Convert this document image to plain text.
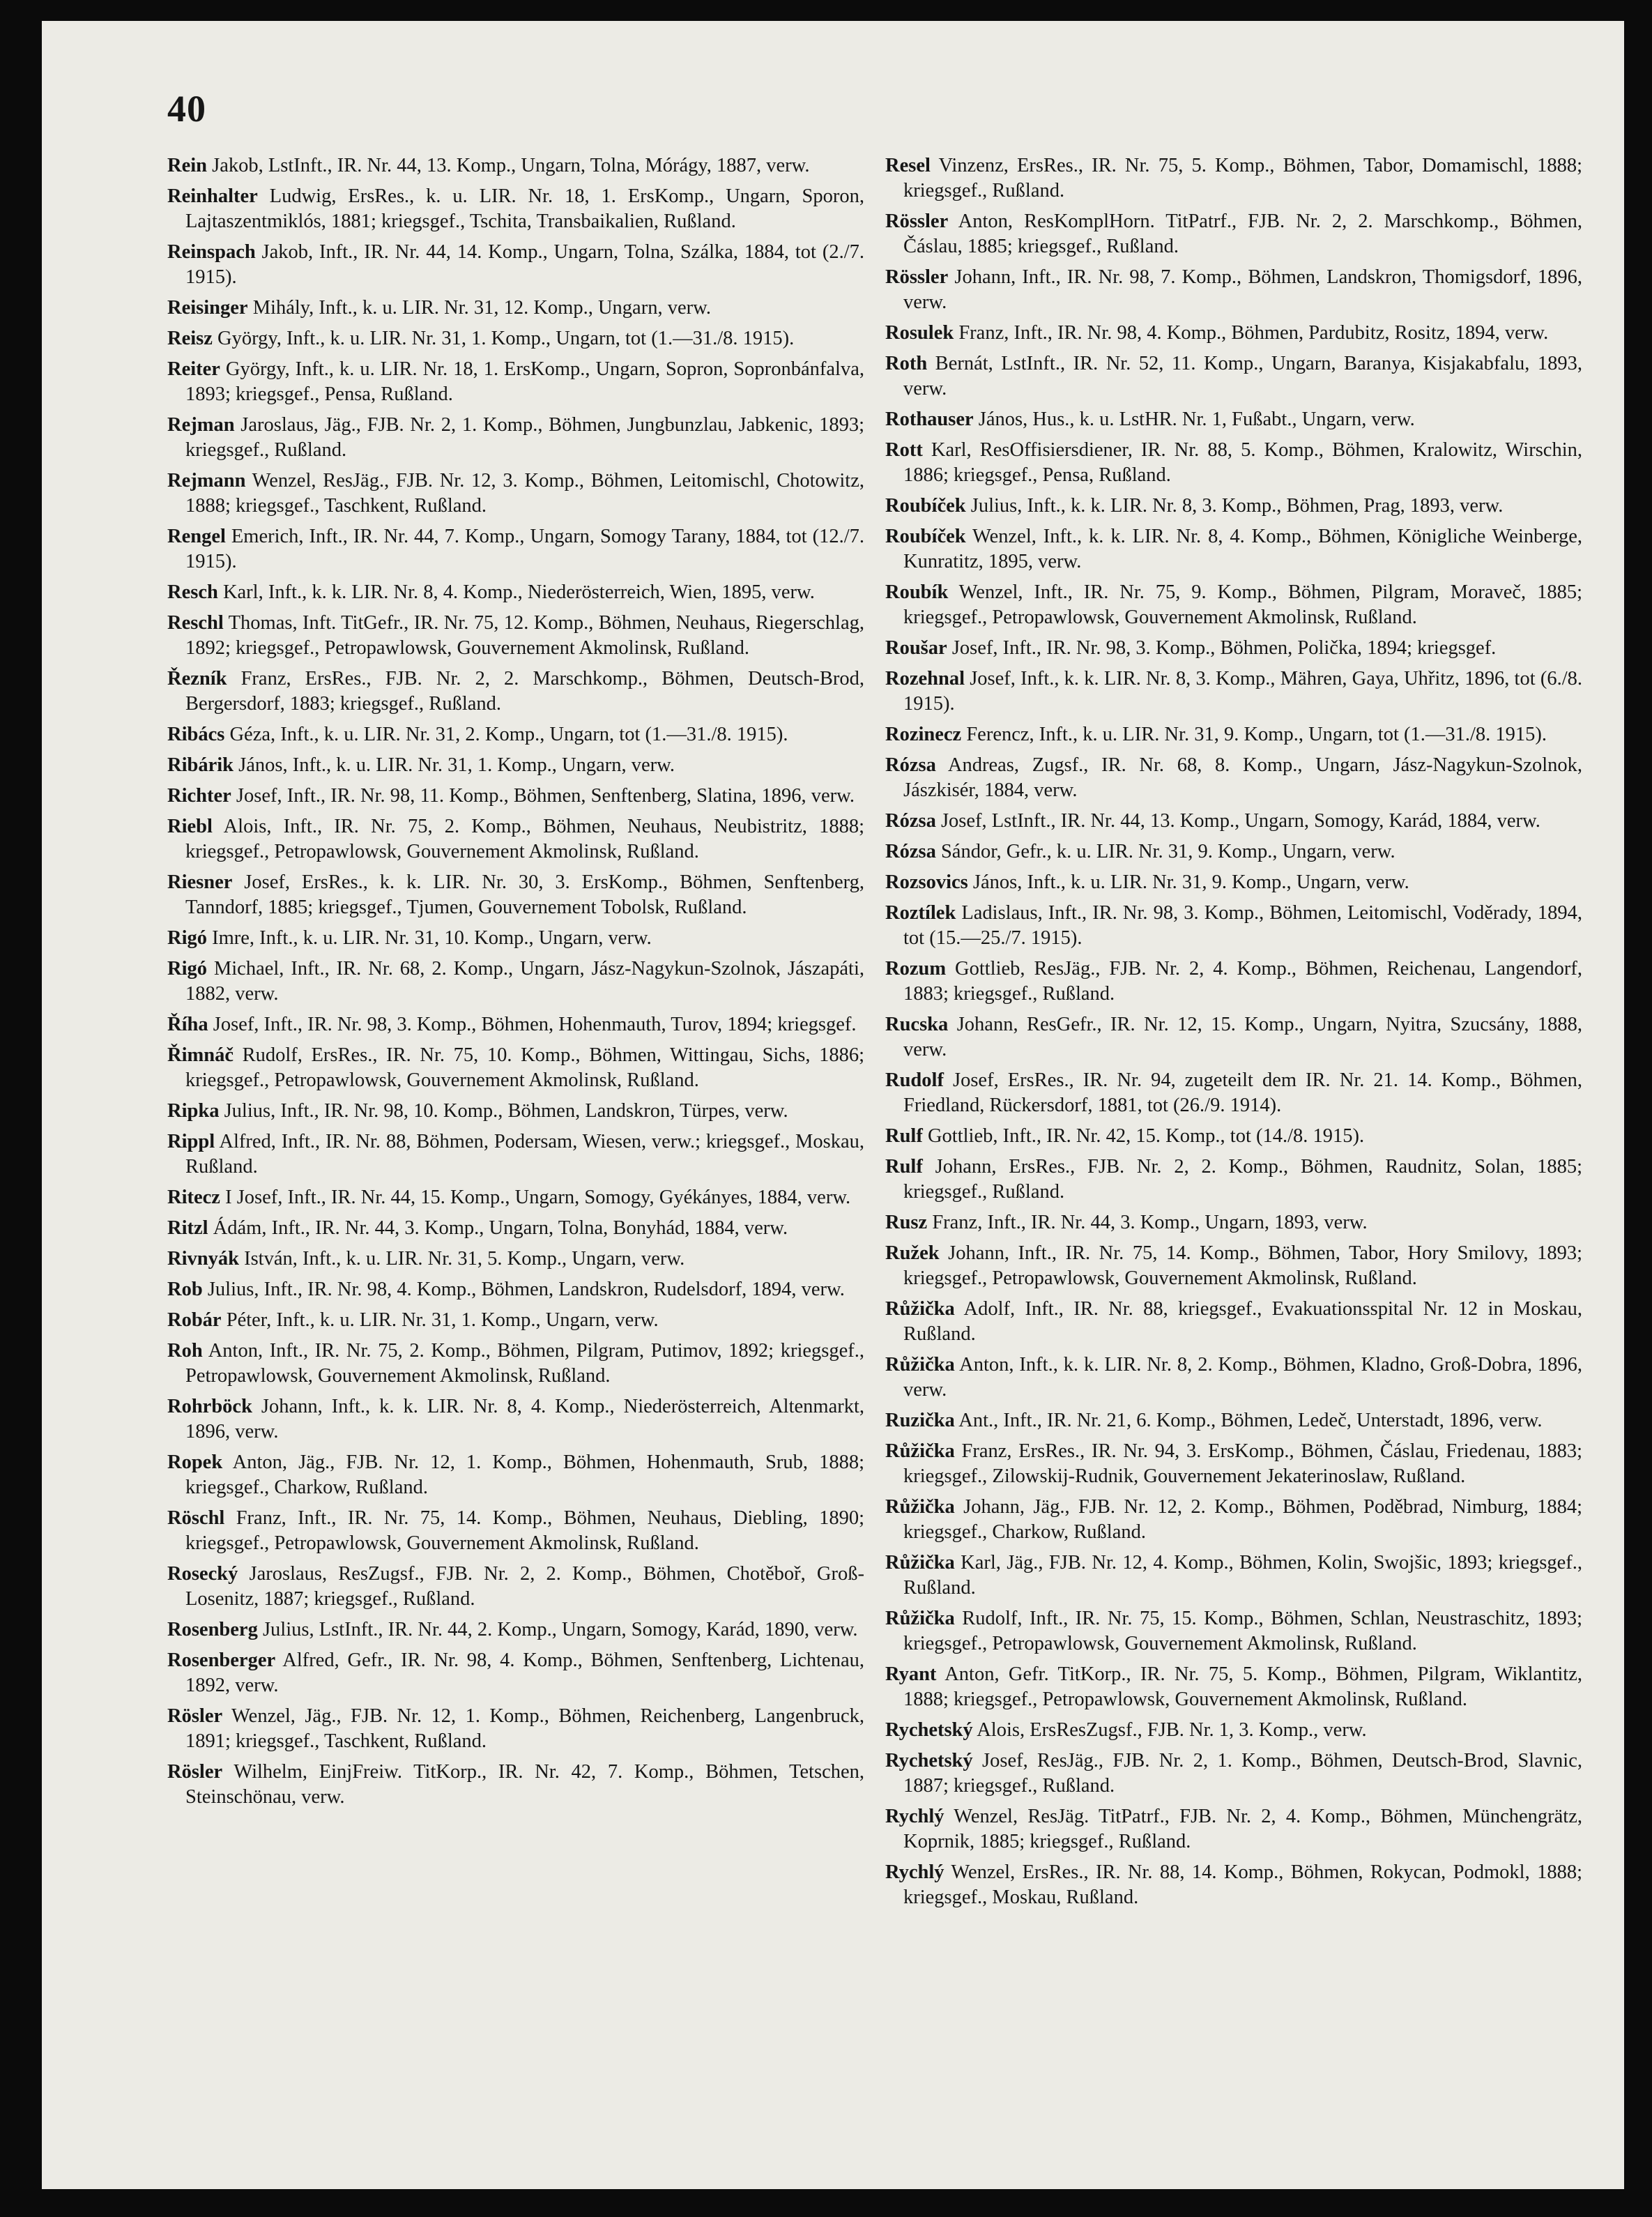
40

Rein Jakob, LstInft., IR. Nr. 44, 13. Komp., Ungarn, Tolna, Mórágy, 1887, verw.

Reinhalter Ludwig, ErsRes., k. u. LIR. Nr. 18, 1. ErsKomp., Ungarn, Sporon, Lajtaszentmiklós, 1881; kriegsgef., Tschita, Transbaikalien, Rußland.

Reinspach Jakob, Inft., IR. Nr. 44, 14. Komp., Ungarn, Tolna, Szálka, 1884, tot (2./7. 1915).

Reisinger Mihály, Inft., k. u. LIR. Nr. 31, 12. Komp., Ungarn, verw.

Reisz György, Inft., k. u. LIR. Nr. 31, 1. Komp., Ungarn, tot (1.—31./8. 1915).

Reiter György, Inft., k. u. LIR. Nr. 18, 1. ErsKomp., Ungarn, Sopron, Sopronbánfalva, 1893; kriegsgef., Pensa, Rußland.

Rejman Jaroslaus, Jäg., FJB. Nr. 2, 1. Komp., Böhmen, Jungbunzlau, Jabkenic, 1893; kriegsgef., Rußland.

Rejmann Wenzel, ResJäg., FJB. Nr. 12, 3. Komp., Böhmen, Leitomischl, Chotowitz, 1888; kriegsgef., Taschkent, Rußland.

Rengel Emerich, Inft., IR. Nr. 44, 7. Komp., Ungarn, Somogy Tarany, 1884, tot (12./7. 1915).

Resch Karl, Inft., k. k. LIR. Nr. 8, 4. Komp., Niederösterreich, Wien, 1895, verw.

Reschl Thomas, Inft. TitGefr., IR. Nr. 75, 12. Komp., Böhmen, Neuhaus, Riegerschlag, 1892; kriegsgef., Petropawlowsk, Gouvernement Akmolinsk, Rußland.

Řezník Franz, ErsRes., FJB. Nr. 2, 2. Marschkomp., Böhmen, Deutsch-Brod, Bergersdorf, 1883; kriegsgef., Rußland.

Ribács Géza, Inft., k. u. LIR. Nr. 31, 2. Komp., Ungarn, tot (1.—31./8. 1915).

Ribárik János, Inft., k. u. LIR. Nr. 31, 1. Komp., Ungarn, verw.

Richter Josef, Inft., IR. Nr. 98, 11. Komp., Böhmen, Senftenberg, Slatina, 1896, verw.

Riebl Alois, Inft., IR. Nr. 75, 2. Komp., Böhmen, Neuhaus, Neubistritz, 1888; kriegsgef., Petropawlowsk, Gouvernement Akmolinsk, Rußland.

Riesner Josef, ErsRes., k. k. LIR. Nr. 30, 3. ErsKomp., Böhmen, Senftenberg, Tanndorf, 1885; kriegsgef., Tjumen, Gouvernement Tobolsk, Rußland.

Rigó Imre, Inft., k. u. LIR. Nr. 31, 10. Komp., Ungarn, verw.

Rigó Michael, Inft., IR. Nr. 68, 2. Komp., Ungarn, Jász-Nagykun-Szolnok, Jászapáti, 1882, verw.

Říha Josef, Inft., IR. Nr. 98, 3. Komp., Böhmen, Hohenmauth, Turov, 1894; kriegsgef.

Řimnáč Rudolf, ErsRes., IR. Nr. 75, 10. Komp., Böhmen, Wittingau, Sichs, 1886; kriegsgef., Petropawlowsk, Gouvernement Akmolinsk, Rußland.

Ripka Julius, Inft., IR. Nr. 98, 10. Komp., Böhmen, Landskron, Türpes, verw.

Rippl Alfred, Inft., IR. Nr. 88, Böhmen, Podersam, Wiesen, verw.; kriegsgef., Moskau, Rußland.

Ritecz I Josef, Inft., IR. Nr. 44, 15. Komp., Ungarn, Somogy, Gyékányes, 1884, verw.

Ritzl Ádám, Inft., IR. Nr. 44, 3. Komp., Ungarn, Tolna, Bonyhád, 1884, verw.

Rivnyák István, Inft., k. u. LIR. Nr. 31, 5. Komp., Ungarn, verw.

Rob Julius, Inft., IR. Nr. 98, 4. Komp., Böhmen, Landskron, Rudelsdorf, 1894, verw.

Robár Péter, Inft., k. u. LIR. Nr. 31, 1. Komp., Ungarn, verw.

Roh Anton, Inft., IR. Nr. 75, 2. Komp., Böhmen, Pilgram, Putimov, 1892; kriegsgef., Petropawlowsk, Gouvernement Akmolinsk, Rußland.

Rohrböck Johann, Inft., k. k. LIR. Nr. 8, 4. Komp., Niederösterreich, Altenmarkt, 1896, verw.

Ropek Anton, Jäg., FJB. Nr. 12, 1. Komp., Böhmen, Hohenmauth, Srub, 1888; kriegsgef., Charkow, Rußland.

Röschl Franz, Inft., IR. Nr. 75, 14. Komp., Böhmen, Neuhaus, Diebling, 1890; kriegsgef., Petropawlowsk, Gouvernement Akmolinsk, Rußland.

Rosecký Jaroslaus, ResZugsf., FJB. Nr. 2, 2. Komp., Böhmen, Chotěboř, Groß-Losenitz, 1887; kriegsgef., Rußland.

Rosenberg Julius, LstInft., IR. Nr. 44, 2. Komp., Ungarn, Somogy, Karád, 1890, verw.

Rosenberger Alfred, Gefr., IR. Nr. 98, 4. Komp., Böhmen, Senftenberg, Lichtenau, 1892, verw.

Rösler Wenzel, Jäg., FJB. Nr. 12, 1. Komp., Böhmen, Reichenberg, Langenbruck, 1891; kriegsgef., Taschkent, Rußland.

Rösler Wilhelm, EinjFreiw. TitKorp., IR. Nr. 42, 7. Komp., Böhmen, Tetschen, Steinschönau, verw.

Resel Vinzenz, ErsRes., IR. Nr. 75, 5. Komp., Böhmen, Tabor, Domamischl, 1888; kriegsgef., Rußland.

Rössler Anton, ResKomplHorn. TitPatrf., FJB. Nr. 2, 2. Marschkomp., Böhmen, Čáslau, 1885; kriegsgef., Rußland.

Rössler Johann, Inft., IR. Nr. 98, 7. Komp., Böhmen, Landskron, Thomigsdorf, 1896, verw.

Rosulek Franz, Inft., IR. Nr. 98, 4. Komp., Böhmen, Pardubitz, Rositz, 1894, verw.

Roth Bernát, LstInft., IR. Nr. 52, 11. Komp., Ungarn, Baranya, Kisjakabfalu, 1893, verw.

Rothauser János, Hus., k. u. LstHR. Nr. 1, Fußabt., Ungarn, verw.

Rott Karl, ResOffisiersdiener, IR. Nr. 88, 5. Komp., Böhmen, Kralowitz, Wirschin, 1886; kriegsgef., Pensa, Rußland.

Roubíček Julius, Inft., k. k. LIR. Nr. 8, 3. Komp., Böhmen, Prag, 1893, verw.

Roubíček Wenzel, Inft., k. k. LIR. Nr. 8, 4. Komp., Böhmen, Königliche Weinberge, Kunratitz, 1895, verw.

Roubík Wenzel, Inft., IR. Nr. 75, 9. Komp., Böhmen, Pilgram, Moraveč, 1885; kriegsgef., Petropawlowsk, Gouvernement Akmolinsk, Rußland.

Roušar Josef, Inft., IR. Nr. 98, 3. Komp., Böhmen, Polička, 1894; kriegsgef.

Rozehnal Josef, Inft., k. k. LIR. Nr. 8, 3. Komp., Mähren, Gaya, Uhřitz, 1896, tot (6./8. 1915).

Rozinecz Ferencz, Inft., k. u. LIR. Nr. 31, 9. Komp., Ungarn, tot (1.—31./8. 1915).

Rózsa Andreas, Zugsf., IR. Nr. 68, 8. Komp., Ungarn, Jász-Nagykun-Szolnok, Jászkisér, 1884, verw.

Rózsa Josef, LstInft., IR. Nr. 44, 13. Komp., Ungarn, Somogy, Karád, 1884, verw.

Rózsa Sándor, Gefr., k. u. LIR. Nr. 31, 9. Komp., Ungarn, verw.

Rozsovics János, Inft., k. u. LIR. Nr. 31, 9. Komp., Ungarn, verw.

Roztílek Ladislaus, Inft., IR. Nr. 98, 3. Komp., Böhmen, Leitomischl, Voděrady, 1894, tot (15.—25./7. 1915).

Rozum Gottlieb, ResJäg., FJB. Nr. 2, 4. Komp., Böhmen, Reichenau, Langendorf, 1883; kriegsgef., Rußland.

Rucska Johann, ResGefr., IR. Nr. 12, 15. Komp., Ungarn, Nyitra, Szucsány, 1888, verw.

Rudolf Josef, ErsRes., IR. Nr. 94, zugeteilt dem IR. Nr. 21. 14. Komp., Böhmen, Friedland, Rückersdorf, 1881, tot (26./9. 1914).

Rulf Gottlieb, Inft., IR. Nr. 42, 15. Komp., tot (14./8. 1915).

Rulf Johann, ErsRes., FJB. Nr. 2, 2. Komp., Böhmen, Raudnitz, Solan, 1885; kriegsgef., Rußland.

Rusz Franz, Inft., IR. Nr. 44, 3. Komp., Ungarn, 1893, verw.

Ružek Johann, Inft., IR. Nr. 75, 14. Komp., Böhmen, Tabor, Hory Smilovy, 1893; kriegsgef., Petropawlowsk, Gouvernement Akmolinsk, Rußland.

Růžička Adolf, Inft., IR. Nr. 88, kriegsgef., Evakuationsspital Nr. 12 in Moskau, Rußland.

Růžička Anton, Inft., k. k. LIR. Nr. 8, 2. Komp., Böhmen, Kladno, Groß-Dobra, 1896, verw.

Ruzička Ant., Inft., IR. Nr. 21, 6. Komp., Böhmen, Ledeč, Unterstadt, 1896, verw.

Růžička Franz, ErsRes., IR. Nr. 94, 3. ErsKomp., Böhmen, Čáslau, Friedenau, 1883; kriegsgef., Zilowskij-Rudnik, Gouvernement Jekaterinoslaw, Rußland.

Růžička Johann, Jäg., FJB. Nr. 12, 2. Komp., Böhmen, Poděbrad, Nimburg, 1884; kriegsgef., Charkow, Rußland.

Růžička Karl, Jäg., FJB. Nr. 12, 4. Komp., Böhmen, Kolin, Swojšic, 1893; kriegsgef., Rußland.

Růžička Rudolf, Inft., IR. Nr. 75, 15. Komp., Böhmen, Schlan, Neustraschitz, 1893; kriegsgef., Petropawlowsk, Gouvernement Akmolinsk, Rußland.

Ryant Anton, Gefr. TitKorp., IR. Nr. 75, 5. Komp., Böhmen, Pilgram, Wiklantitz, 1888; kriegsgef., Petropawlowsk, Gouvernement Akmolinsk, Rußland.

Rychetský Alois, ErsResZugsf., FJB. Nr. 1, 3. Komp., verw.

Rychetský Josef, ResJäg., FJB. Nr. 2, 1. Komp., Böhmen, Deutsch-Brod, Slavnic, 1887; kriegsgef., Rußland.

Rychlý Wenzel, ResJäg. TitPatrf., FJB. Nr. 2, 4. Komp., Böhmen, Münchengrätz, Koprnik, 1885; kriegsgef., Rußland.

Rychlý Wenzel, ErsRes., IR. Nr. 88, 14. Komp., Böhmen, Rokycan, Podmokl, 1888; kriegsgef., Moskau, Rußland.
